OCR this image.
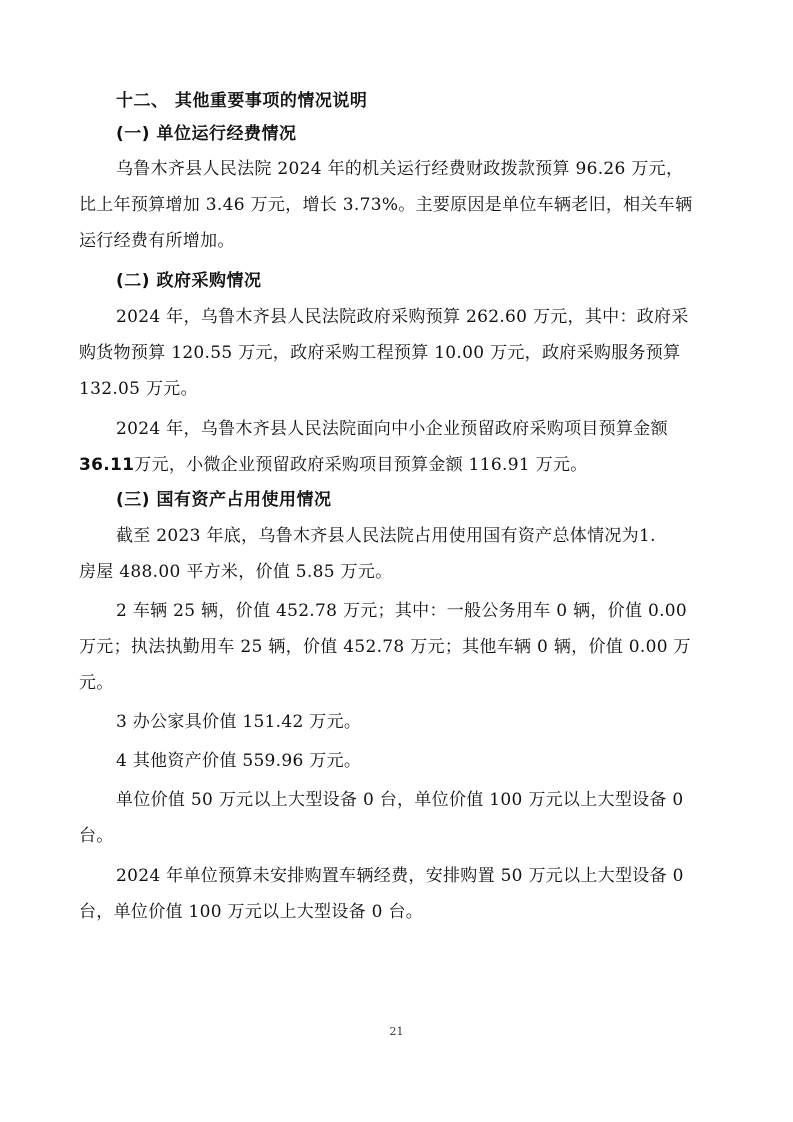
十二、 其他重要事项的情况说明
(一) 单位运行经费情况
乌鲁木齐县人民法院 2024 年的机关运行经费财政拨款预算 96.26 万元，
比上年预算增加 3.46 万元，增长 3.73%。主要原因是单位车辆老旧，相关车辆
运行经费有所增加。
(二) 政府采购情况
2024 年，乌鲁木齐县人民法院政府采购预算 262.60 万元，其中：政府采
购货物预算 120.55 万元，政府采购工程预算 10.00 万元，政府采购服务预算
132.05 万元。
2024 年，乌鲁木齐县人民法院面向中小企业预留政府采购项目预算金额
36.11万元，小微企业预留政府采购项目预算金额 116.91 万元。
(三) 国有资产占用使用情况
截至 2023 年底，乌鲁木齐县人民法院占用使用国有资产总体情况为1.
房屋 488.00 平方米，价值 5.85 万元。
2 车辆 25 辆，价值 452.78 万元；其中：一般公务用车 0 辆，价值 0.00
万元；执法执勤用车 25 辆，价值 452.78 万元；其他车辆 0 辆，价值 0.00 万
元。
3 办公家具价值 151.42 万元。
4 其他资产价值 559.96 万元。
单位价值 50 万元以上大型设备 0 台，单位价值 100 万元以上大型设备 0
台。
2024 年单位预算未安排购置车辆经费，安排购置 50 万元以上大型设备 0
台，单位价值 100 万元以上大型设备 0 台。
21
